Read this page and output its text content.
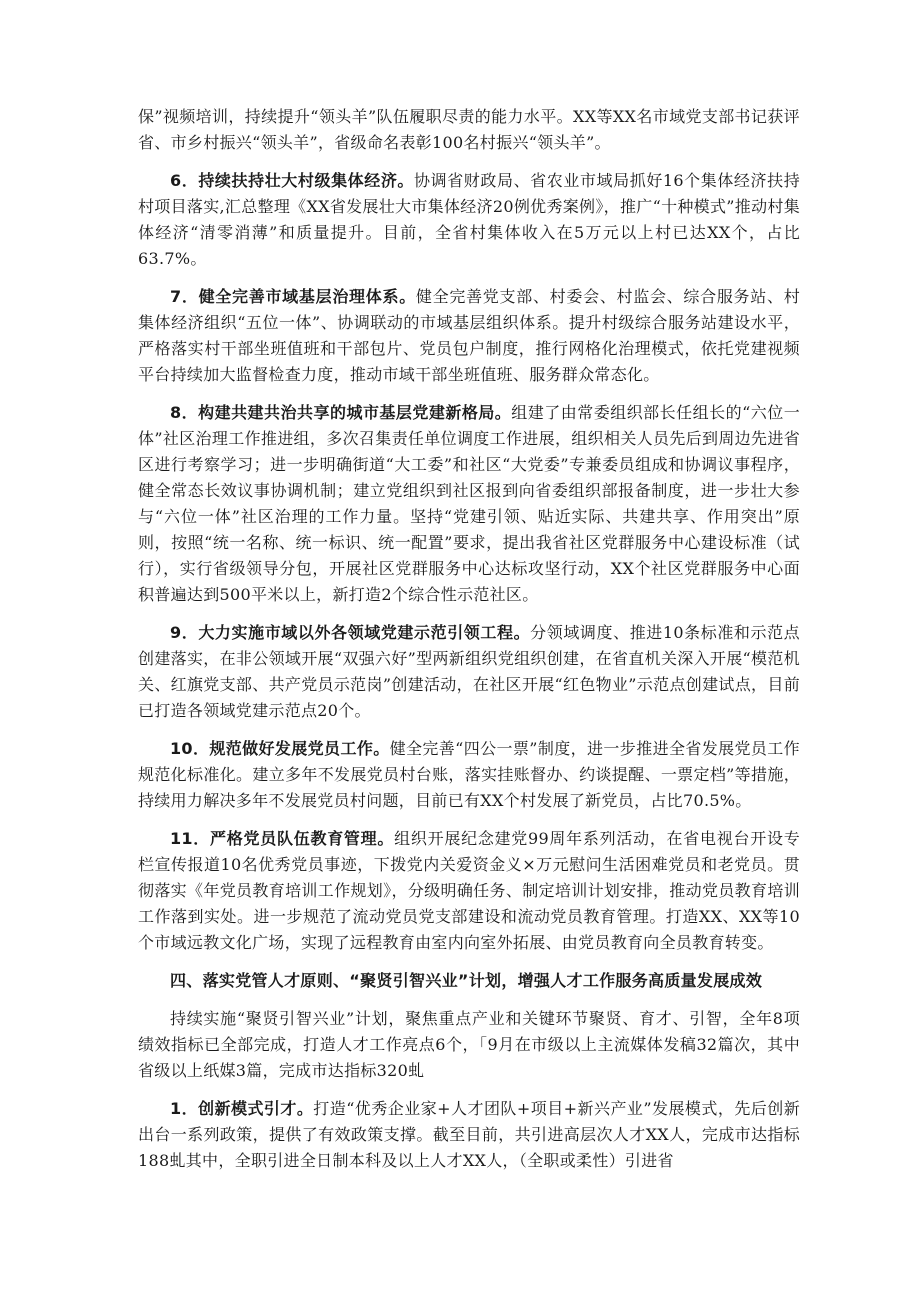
保”视频培训，持续提升“领头羊”队伍履职尽责的能力水平。XX等XX名市域党支部书记获评省、市乡村振兴“领头羊”，省级命名表彰100名村振兴“领头羊”。

6．持续扶持壮大村级集体经济。协调省财政局、省农业市域局抓好16个集体经济扶持村项目落实,汇总整理《XX省发展壮大市集体经济20例优秀案例》，推广“十种模式”推动村集体经济“清零消薄”和质量提升。目前，全省村集体收入在5万元以上村已达XX个，占比63.7%。

7．健全完善市域基层治理体系。健全完善党支部、村委会、村监会、综合服务站、村集体经济组织“五位一体”、协调联动的市域基层组织体系。提升村级综合服务站建设水平，严格落实村干部坐班值班和干部包片、党员包户制度，推行网格化治理模式，依托党建视频平台持续加大监督检查力度，推动市域干部坐班值班、服务群众常态化。

8．构建共建共治共享的城市基层党建新格局。组建了由常委组织部长任组长的“六位一体”社区治理工作推进组，多次召集责任单位调度工作进展，组织相关人员先后到周边先进省区进行考察学习；进一步明确街道“大工委”和社区“大党委”专兼委员组成和协调议事程序，健全常态长效议事协调机制；建立党组织到社区报到向省委组织部报备制度，进一步壮大参与“六位一体”社区治理的工作力量。坚持“党建引领、贴近实际、共建共享、作用突出”原则，按照“统一名称、统一标识、统一配置”要求，提出我省社区党群服务中心建设标准（试行），实行省级领导分包，开展社区党群服务中心达标攻坚行动，XX个社区党群服务中心面积普遍达到500平米以上，新打造2个综合性示范社区。

9．大力实施市域以外各领域党建示范引领工程。分领域调度、推进10条标准和示范点创建落实，在非公领域开展“双强六好”型两新组织党组织创建，在省直机关深入开展“模范机关、红旗党支部、共产党员示范岗”创建活动，在社区开展“红色物业”示范点创建试点，目前已打造各领域党建示范点20个。

10．规范做好发展党员工作。健全完善“四公一票”制度，进一步推进全省发展党员工作规范化标准化。建立多年不发展党员村台账，落实挂账督办、约谈提醒、一票定档”等措施，持续用力解决多年不发展党员村问题，目前已有XX个村发展了新党员，占比70.5%。

11．严格党员队伍教育管理。组织开展纪念建党99周年系列活动，在省电视台开设专栏宣传报道10名优秀党员事迹，下拨党内关爱资金义×万元慰问生活困难党员和老党员。贯彻落实《年党员教育培训工作规划》，分级明确任务、制定培训计划安排，推动党员教育培训工作落到实处。进一步规范了流动党员党支部建设和流动党员教育管理。打造XX、XX等10个市域远教文化广场，实现了远程教育由室内向室外拓展、由党员教育向全员教育转变。

四、落实党管人才原则、“聚贤引智兴业”计划，增强人才工作服务高质量发展成效

持续实施“聚贤引智兴业”计划，聚焦重点产业和关键环节聚贤、育才、引智，全年8项绩效指标已全部完成，打造人才工作亮点6个，「9月在市级以上主流媒体发稿32篇次，其中省级以上纸媒3篇，完成市达指标320虬

1．创新模式引才。打造“优秀企业家+人才团队+项目+新兴产业”发展模式，先后创新出台一系列政策，提供了有效政策支撑。截至目前，共引进高层次人才XX人，完成市达指标188虬其中，全职引进全日制本科及以上人才XX人，（全职或柔性）引进省
